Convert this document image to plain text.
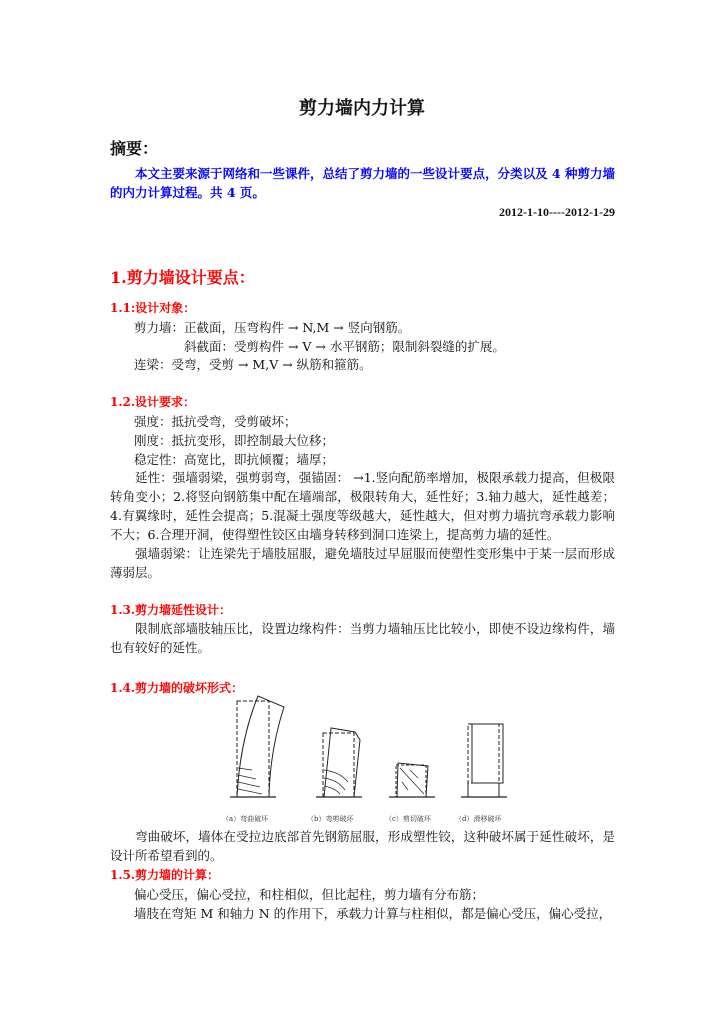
剪力墙内力计算
摘要：
本文主要来源于网络和一些课件，总结了剪力墙的一些设计要点，分类以及 4 种剪力墙的内力计算过程。共 4 页。
2012-1-10----2012-1-29
1.剪力墙设计要点：
1.1:设计对象：
剪力墙：正截面，压弯构件 → N,M → 竖向钢筋。
斜截面：受剪构件 → V → 水平钢筋；限制斜裂缝的扩展。
连梁：受弯，受剪 → M,V → 纵筋和箍筋。
1.2.设计要求：
强度：抵抗受弯，受剪破坏；
刚度：抵抗变形，即控制最大位移；
稳定性：高宽比，即抗倾覆；墙厚；
延性：强墙弱梁，强剪弱弯，强锚固： →1.竖向配筋率增加，极限承载力提高，但极限转角变小；2.将竖向钢筋集中配在墙端部，极限转角大，延性好；3.轴力越大，延性越差；4.有翼缘时，延性会提高；5.混凝土强度等级越大，延性越大，但对剪力墙抗弯承载力影响不大；6.合理开洞，使得塑性铰区由墙身转移到洞口连梁上，提高剪力墙的延性。
强墙弱梁：让连梁先于墙肢屈服，避免墙肢过早屈服而使塑性变形集中于某一层而形成薄弱层。
1.3.剪力墙延性设计：
限制底部墙肢轴压比，设置边缘构件：当剪力墙轴压比比较小，即使不设边缘构件，墙也有较好的延性。
1.4.剪力墙的破坏形式：
（a）弯曲破坏	（b）弯剪破坏	（c）剪切破坏	（d）滑移破坏
弯曲破坏，墙体在受拉边底部首先钢筋屈服，形成塑性铰，这种破坏属于延性破坏，是设计所希望看到的。
1.5.剪力墙的计算：
偏心受压，偏心受拉，和柱相似，但比起柱，剪力墙有分布筋；
墙肢在弯矩 M 和轴力 N 的作用下，承载力计算与柱相似，都是偏心受压，偏心受拉，
